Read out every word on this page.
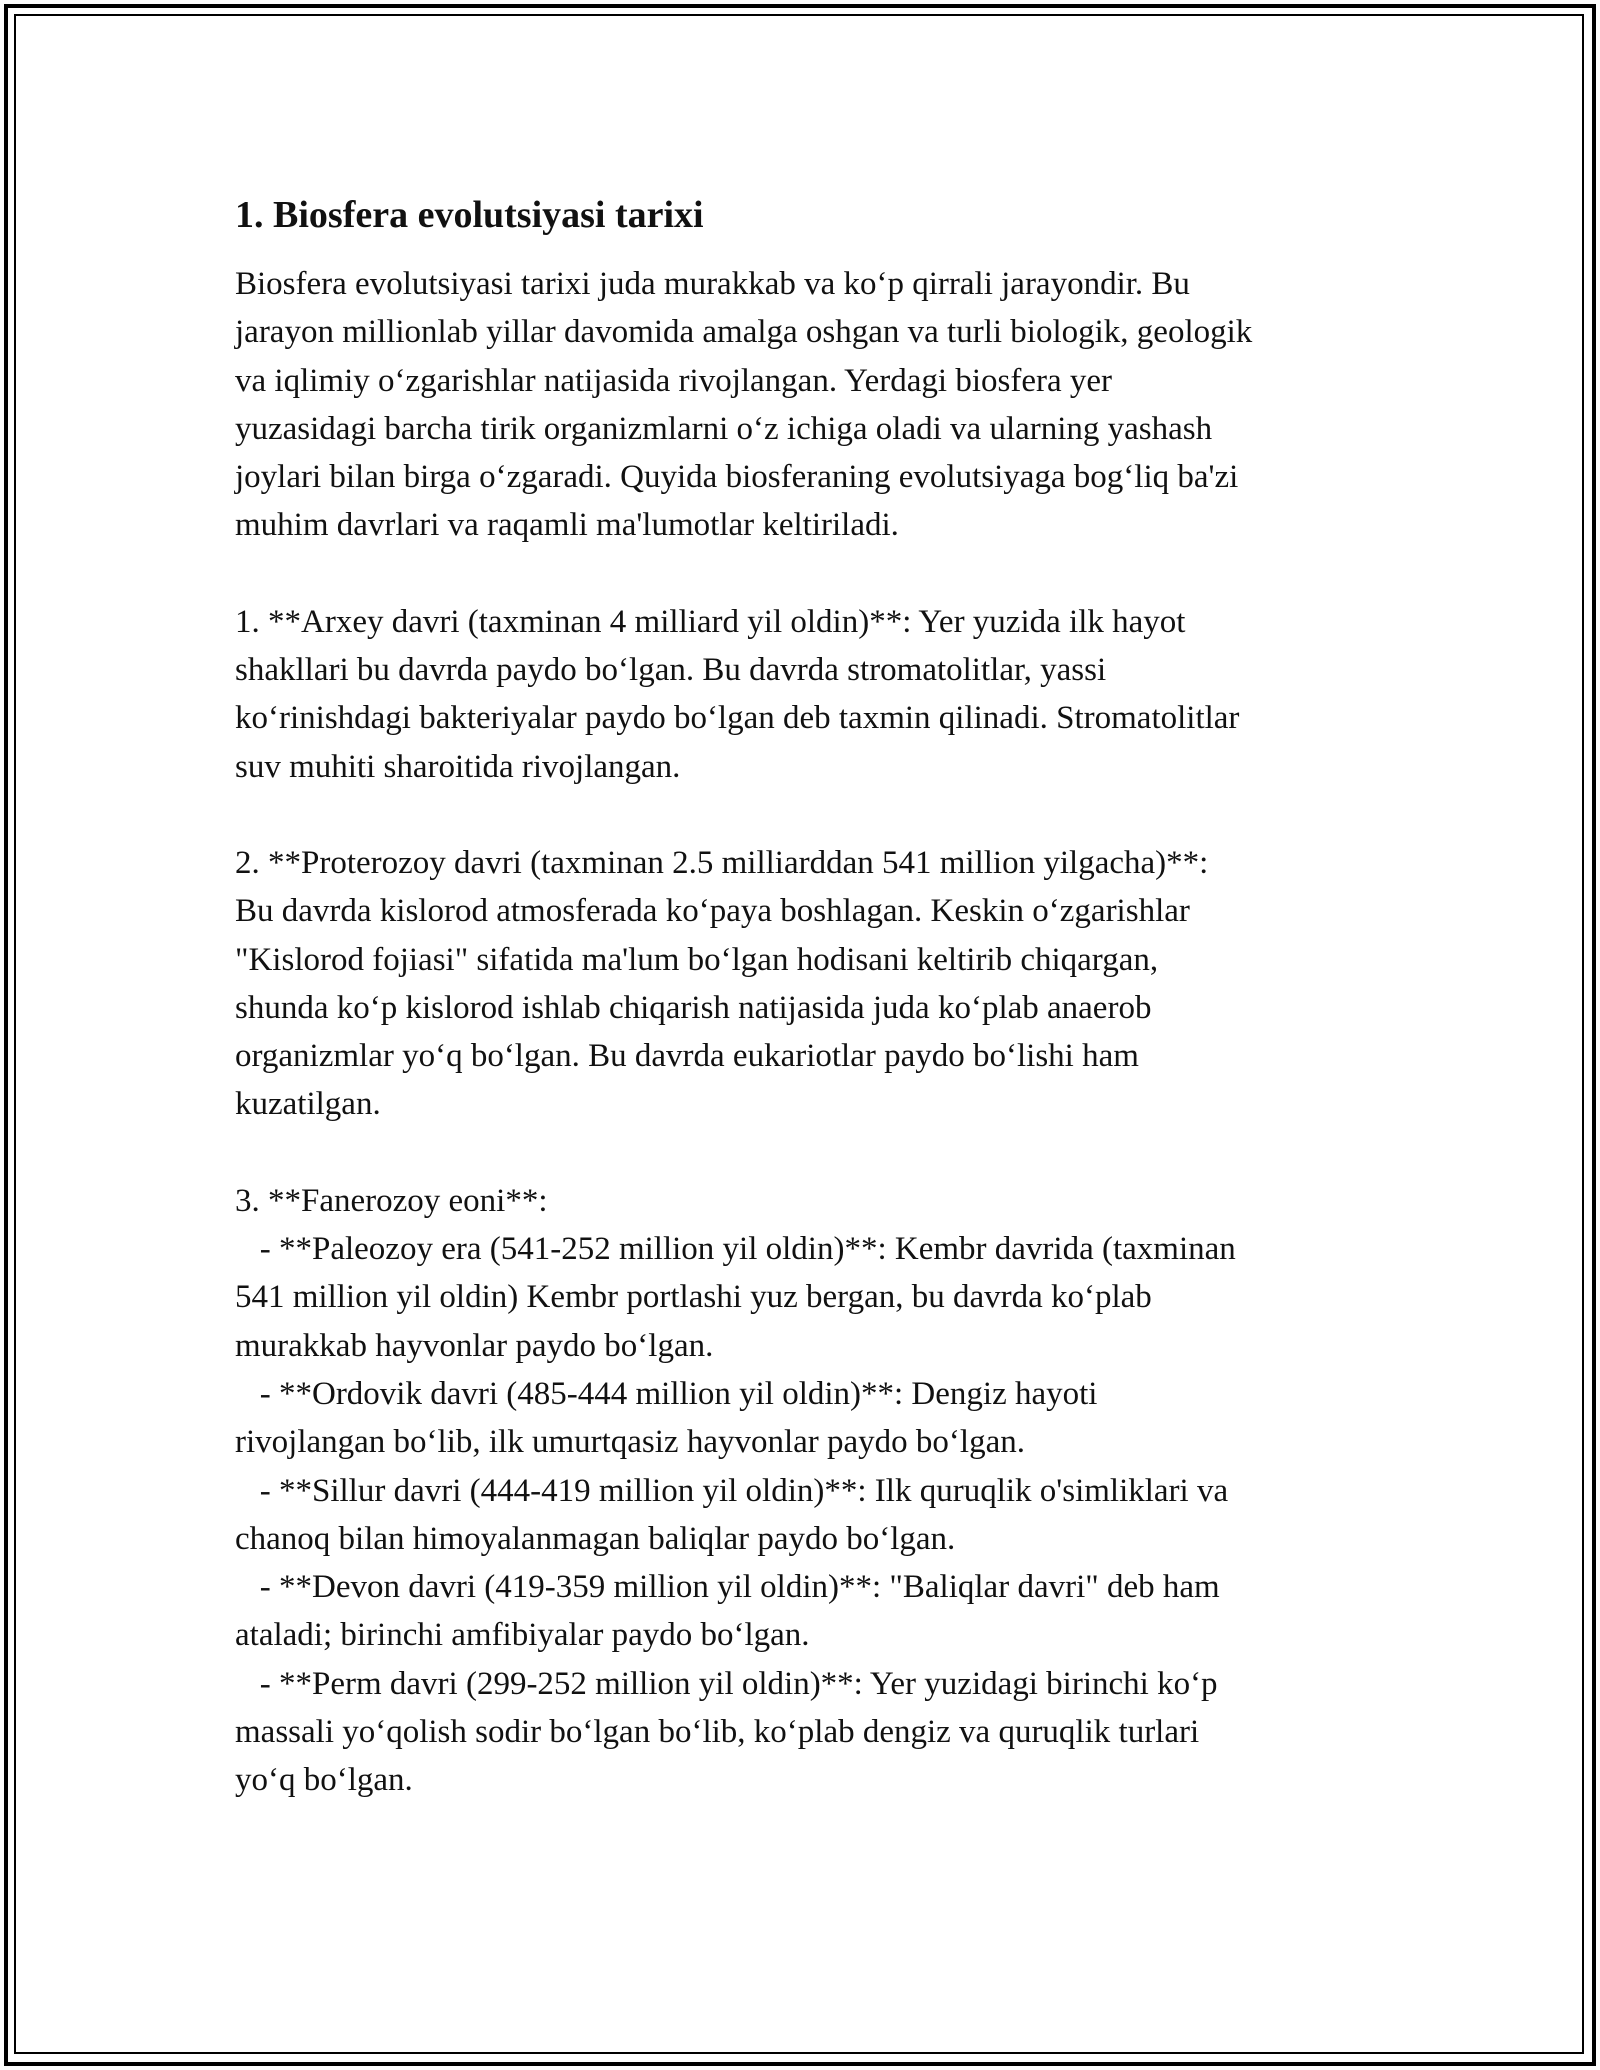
1. Biosfera evolutsiyasi tarixi

Biosfera evolutsiyasi tarixi juda murakkab va ko‘p qirrali jarayondir. Bu
jarayon millionlab yillar davomida amalga oshgan va turli biologik, geologik
va iqlimiy o‘zgarishlar natijasida rivojlangan. Yerdagi biosfera yer
yuzasidagi barcha tirik organizmlarni o‘z ichiga oladi va ularning yashash
joylari bilan birga o‘zgaradi. Quyida biosferaning evolutsiyaga bog‘liq ba'zi
muhim davrlari va raqamli ma'lumotlar keltiriladi.

1. **Arxey davri (taxminan 4 milliard yil oldin)**: Yer yuzida ilk hayot
shakllari bu davrda paydo bo‘lgan. Bu davrda stromatolitlar, yassi
ko‘rinishdagi bakteriyalar paydo bo‘lgan deb taxmin qilinadi. Stromatolitlar
suv muhiti sharoitida rivojlangan.

2. **Proterozoy davri (taxminan 2.5 milliarddan 541 million yilgacha)**:
Bu davrda kislorod atmosferada ko‘paya boshlagan. Keskin o‘zgarishlar
"Kislorod fojiasi" sifatida ma'lum bo‘lgan hodisani keltirib chiqargan,
shunda ko‘p kislorod ishlab chiqarish natijasida juda ko‘plab anaerob
organizmlar yo‘q bo‘lgan. Bu davrda eukariotlar paydo bo‘lishi ham
kuzatilgan.

3. **Fanerozoy eoni**:

- **Paleozoy era (541-252 million yil oldin)**: Kembr davrida (taxminan

541 million yil oldin) Kembr portlashi yuz bergan, bu davrda ko‘plab
murakkab hayvonlar paydo bo‘lgan.

- **Ordovik davri (485-444 million yil oldin)**: Dengiz hayoti

rivojlangan bo‘lib, ilk umurtqasiz hayvonlar paydo bo‘lgan.

- **Sillur davri (444-419 million yil oldin)**: Ilk quruqlik o'simliklari va

chanoq bilan himoyalanmagan baliqlar paydo bo‘lgan.

- **Devon davri (419-359 million yil oldin)**: "Baliqlar davri" deb ham

ataladi; birinchi amfibiyalar paydo bo‘lgan.

- **Perm davri (299-252 million yil oldin)**: Yer yuzidagi birinchi ko‘p

massali yo‘qolish sodir bo‘lgan bo‘lib, ko‘plab dengiz va quruqlik turlari
yo‘q bo‘lgan.
